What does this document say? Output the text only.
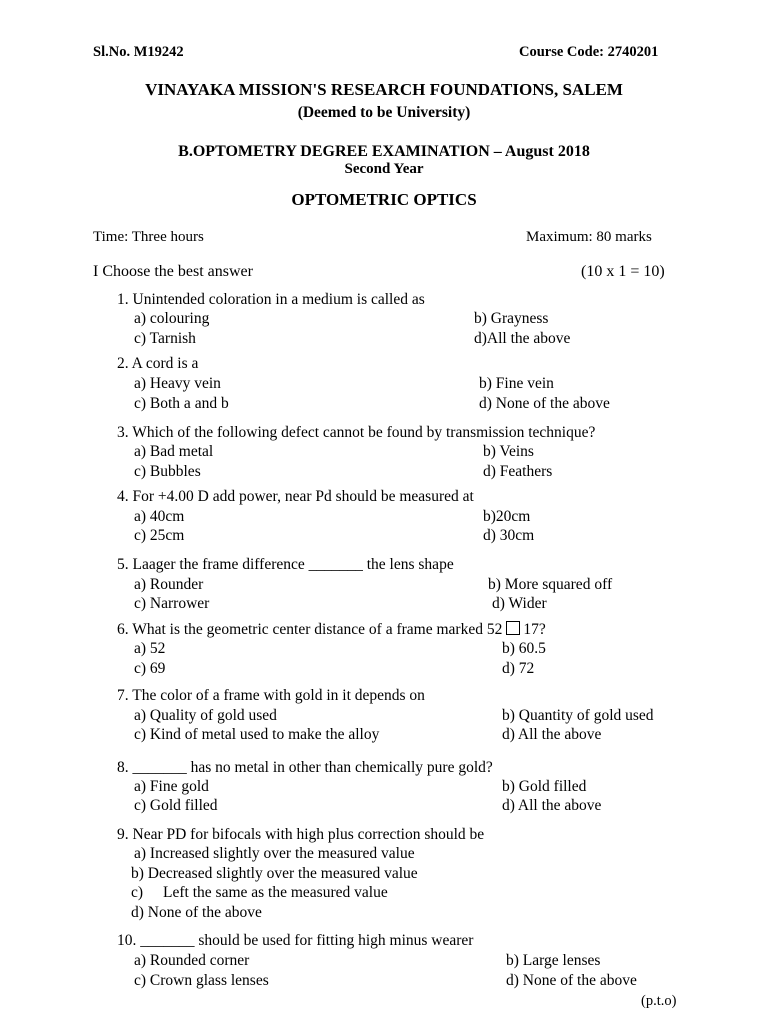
Sl.No. M19242	Course Code: 2740201
VINAYAKA MISSION'S RESEARCH FOUNDATIONS, SALEM
(Deemed to be University)
B.OPTOMETRY DEGREE EXAMINATION – August 2018
Second Year
OPTOMETRIC OPTICS
Time: Three hours	Maximum: 80 marks
I Choose the best answer	(10 x 1 = 10)
1. Unintended coloration in a medium is called as
a) colouring	b) Grayness
c) Tarnish	d)All the above
2. A cord is a
a) Heavy vein	b) Fine vein
c) Both a and b	d) None of the above
3. Which of the following defect cannot be found by transmission technique?
a) Bad metal	b) Veins
c) Bubbles	d) Feathers
4. For +4.00 D add power, near Pd should be measured at
a) 40cm	b)20cm
c) 25cm	d) 30cm
5. Laager the frame difference _______ the lens shape
a) Rounder	b) More squared off
c) Narrower	d) Wider
6. What is the geometric center distance of a frame marked 52 17?
a) 52	b) 60.5
c) 69	d) 72
7. The color of a frame with gold in it depends on
a) Quality of gold used	b) Quantity of gold used
c) Kind of metal used to make the alloy	d) All the above
8. _______ has no metal in other than chemically pure gold?
a) Fine gold	b) Gold filled
c) Gold filled	d) All the above
9. Near PD for bifocals with high plus correction should be
a) Increased slightly over the measured value
b) Decreased slightly over the measured value
c) Left the same as the measured value
d) None of the above
10. _______ should be used for fitting high minus wearer
a) Rounded corner	b) Large lenses
c) Crown glass lenses	d) None of the above
(p.t.o)
